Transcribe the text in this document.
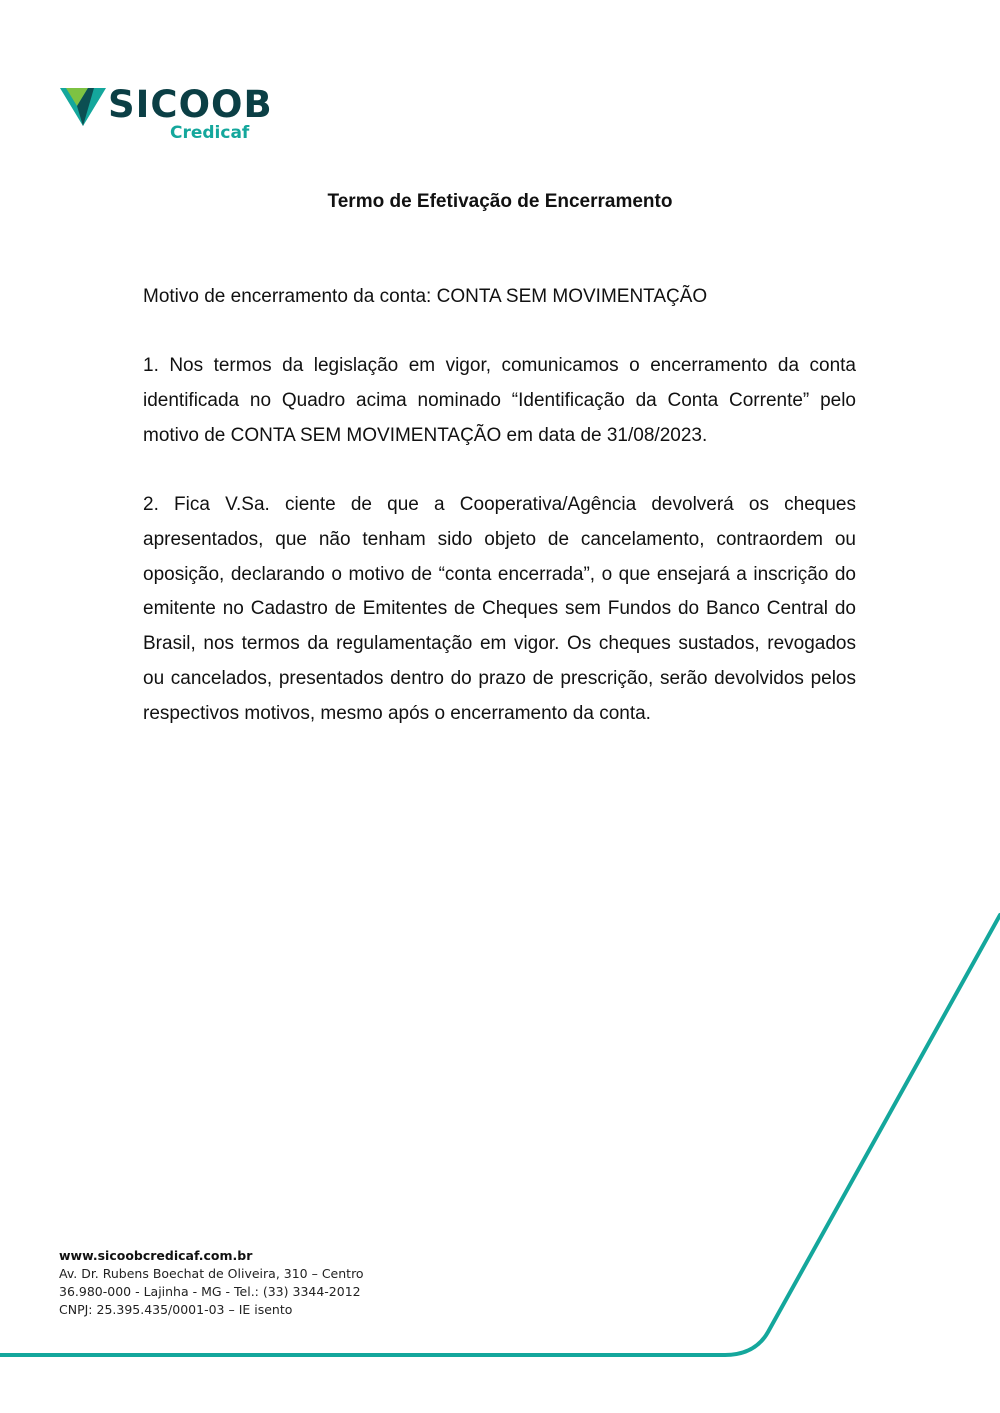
SICOOB
Credicaf
Termo de Efetivação de Encerramento
Motivo de encerramento da conta: CONTA SEM MOVIMENTAÇÃO
1. Nos termos da legislação em vigor, comunicamos o encerramento da conta identificada no Quadro acima nominado “Identificação da Conta Corrente” pelo motivo de CONTA SEM MOVIMENTAÇÃO em data de 31/08/2023.
2. Fica V.Sa. ciente de que a Cooperativa/Agência devolverá os cheques apresentados, que não tenham sido objeto de cancelamento, contraordem ou oposição, declarando o motivo de “conta encerrada”, o que ensejará a inscrição do emitente no Cadastro de Emitentes de Cheques sem Fundos do Banco Central do Brasil, nos termos da regulamentação em vigor. Os cheques sustados, revogados ou cancelados, presentados dentro do prazo de prescrição, serão devolvidos pelos respectivos motivos, mesmo após o encerramento da conta.
www.sicoobcredicaf.com.br
Av. Dr. Rubens Boechat de Oliveira, 310 – Centro
36.980-000 - Lajinha - MG - Tel.: (33) 3344-2012
CNPJ: 25.395.435/0001-03 – IE isento
